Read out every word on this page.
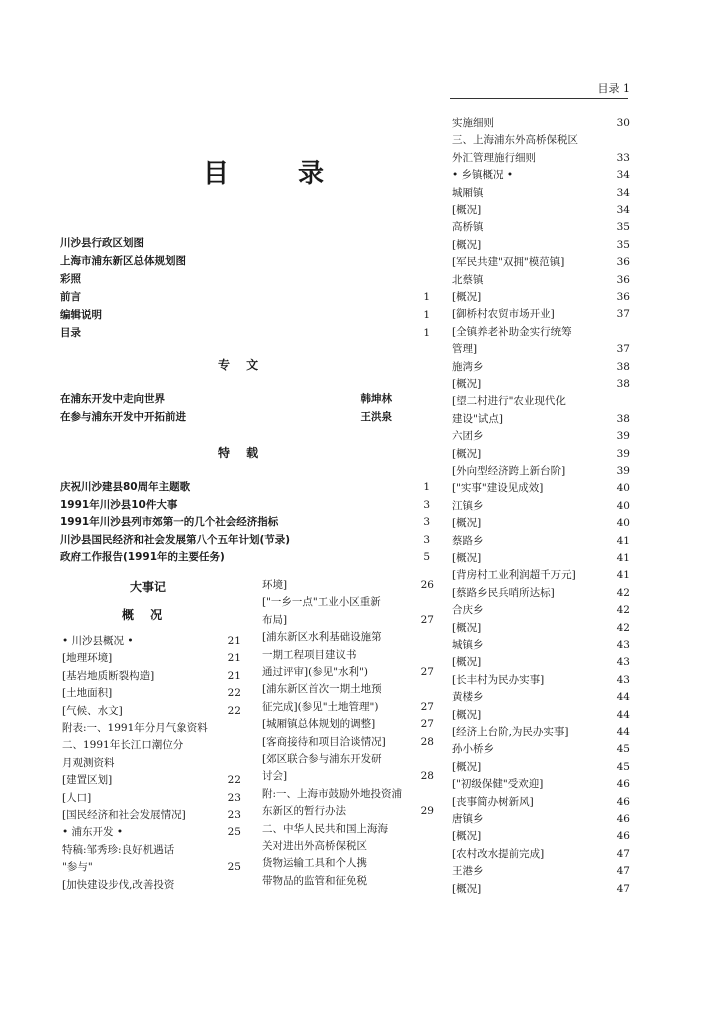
目录 1
目 录
专 文
特 载
大事记
概 况
川沙县行政区划图
上海市浦东新区总体规划图
彩照
前言	1
编辑说明	1
目录	1
在浦东开发中走向世界	韩坤林
在参与浦东开发中开拓前进	王洪泉
庆祝川沙建县80周年主题歌	1
1991年川沙县10件大事	3
1991年川沙县列市郊第一的几个社会经济指标	3
川沙县国民经济和社会发展第八个五年计划(节录)	3
政府工作报告(1991年的主要任务)	5
• 川沙县概况 •	21
[地理环境]	21
[基岩地质断裂构造]	21
[土地面积]	22
[气候、水文]	22
附表:一、1991年分月气象资料
二、1991年长江口潮位分
月观测资料
[建置区划]	22
[人口]	23
[国民经济和社会发展情况]	23
• 浦东开发 •	25
特稿:邹秀珍:良好机遇话
"参与"	25
[加快建设步伐,改善投资
环境]	26
["一乡一点"工业小区重新
布局]	27
[浦东新区水利基础设施第
一期工程项目建议书
通过评审](参见"水利")	27
[浦东新区首次一期土地预
征完成](参见"土地管理")	27
[城厢镇总体规划的调整]	27
[客商接待和项目洽谈情况]	28
[郊区联合参与浦东开发研
讨会]	28
附:一、上海市鼓励外地投资浦
东新区的暂行办法	29
二、中华人民共和国上海海
关对进出外高桥保税区
货物运输工具和个人携
带物品的监管和征免税
实施细则	30
三、上海浦东外高桥保税区
外汇管理施行细则	33
• 乡镇概况 •	34
城厢镇	34
[概况]	34
高桥镇	35
[概况]	35
[军民共建"双拥"模范镇]	36
北蔡镇	36
[概况]	36
[御桥村农贸市场开业]	37
[全镇养老补助金实行统筹
管理]	37
施湾乡	38
[概况]	38
[望二村进行"农业现代化
建设"试点]	38
六团乡	39
[概况]	39
[外向型经济跨上新台阶]	39
["实事"建设见成效]	40
江镇乡	40
[概况]	40
蔡路乡	41
[概况]	41
[背房村工业利润超千万元]	41
[蔡路乡民兵哨所达标]	42
合庆乡	42
[概况]	42
城镇乡	43
[概况]	43
[长丰村为民办实事]	43
黄楼乡	44
[概况]	44
[经济上台阶,为民办实事]	44
孙小桥乡	45
[概况]	45
["初级保健"受欢迎]	46
[丧事简办树新风]	46
唐镇乡	46
[概况]	46
[农村改水提前完成]	47
王港乡	47
[概况]	47
